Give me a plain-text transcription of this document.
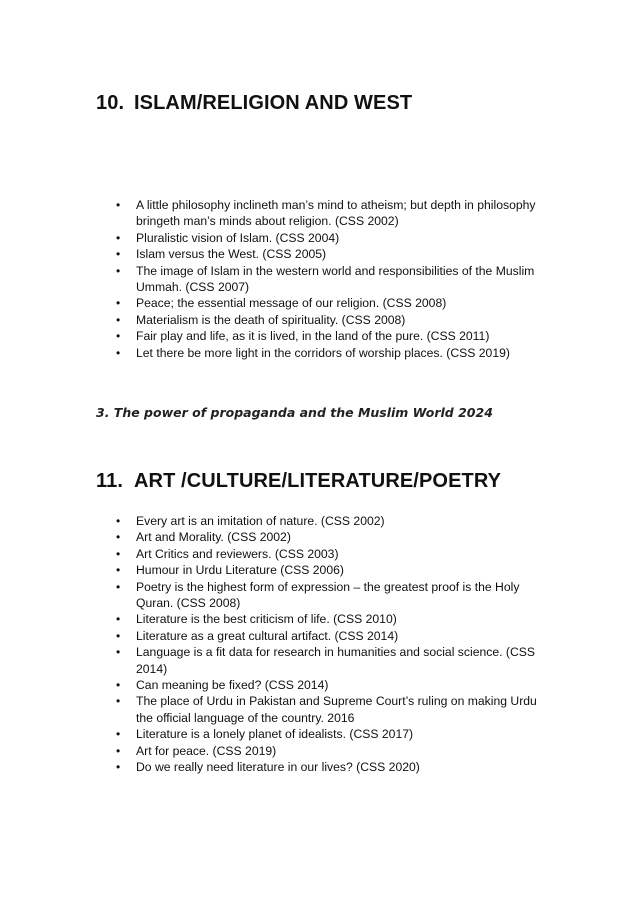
10. ISLAM/RELIGION AND WEST
• A little philosophy inclineth man’s mind to atheism; but depth in philosophy bringeth man’s minds about religion. (CSS 2002)
• Pluralistic vision of Islam. (CSS 2004)
• Islam versus the West. (CSS 2005)
• The image of Islam in the western world and responsibilities of the Muslim Ummah. (CSS 2007)
• Peace; the essential message of our religion. (CSS 2008)
• Materialism is the death of spirituality. (CSS 2008)
• Fair play and life, as it is lived, in the land of the pure. (CSS 2011)
• Let there be more light in the corridors of worship places. (CSS 2019)

3. The power of propaganda and the Muslim World 2024

11. ART /CULTURE/LITERATURE/POETRY
• Every art is an imitation of nature. (CSS 2002)
• Art and Morality. (CSS 2002)
• Art Critics and reviewers. (CSS 2003)
• Humour in Urdu Literature (CSS 2006)
• Poetry is the highest form of expression – the greatest proof is the Holy Quran. (CSS 2008)
• Literature is the best criticism of life. (CSS 2010)
• Literature as a great cultural artifact. (CSS 2014)
• Language is a fit data for research in humanities and social science. (CSS 2014)
• Can meaning be fixed? (CSS 2014)
• The place of Urdu in Pakistan and Supreme Court’s ruling on making Urdu the official language of the country. 2016
• Literature is a lonely planet of idealists. (CSS 2017)
• Art for peace. (CSS 2019)
• Do we really need literature in our lives? (CSS 2020)
